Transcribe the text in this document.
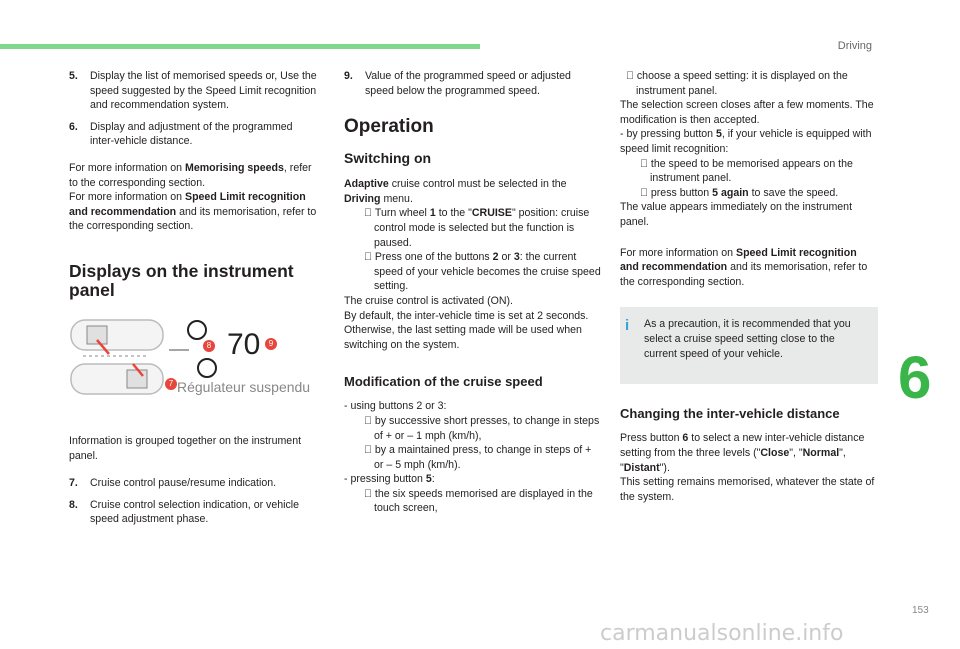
Driving
5.	Display the list of memorised speeds or, Use the speed suggested by the Speed Limit recognition and recommendation system.
6.	Display and adjustment of the programmed inter-vehicle distance.

For more information on Memorising speeds, refer to the corresponding section.
For more information on Speed Limit recognition and recommendation and its memorisation, refer to the corresponding section.

Displays on the instrument panel
70
Régulateur suspendu
7
8	9

Information is grouped together on the instrument panel.

7.	Cruise control pause/resume indication.
8.	Cruise control selection indication, or vehicle speed adjustment phase.
9.	Value of the programmed speed or adjusted speed below the programmed speed.
Operation
Switching on
Adaptive cruise control must be selected in the Driving menu.
Turn wheel 1 to the "CRUISE" position: cruise control mode is selected but the function is paused.
Press one of the buttons 2 or 3: the current speed of your vehicle becomes the cruise speed setting.
The cruise control is activated (ON).
By default, the inter-vehicle time is set at 2 seconds.
Otherwise, the last setting made will be used when switching on the system.
Modification of the cruise speed
- using buttons 2 or 3:
by successive short presses, to change in steps of + or – 1 mph (km/h),
by a maintained press, to change in steps of + or – 5 mph (km/h).
- pressing button 5:
the six speeds memorised are displayed in the touch screen,
choose a speed setting: it is displayed on the instrument panel.
The selection screen closes after a few moments. The modification is then accepted.
- by pressing button 5, if your vehicle is equipped with speed limit recognition:
the speed to be memorised appears on the instrument panel.
press button 5 again to save the speed.
The value appears immediately on the instrument panel.

For more information on Speed Limit recognition and recommendation and its memorisation, refer to the corresponding section.

i As a precaution, it is recommended that you select a cruise speed setting close to the current speed of your vehicle.
Changing the inter-vehicle distance
Press button 6 to select a new inter-vehicle distance setting from the three levels ("Close", "Normal", "Distant").
This setting remains memorised, whatever the state of the system.
6
153
carmanualsonline.info
